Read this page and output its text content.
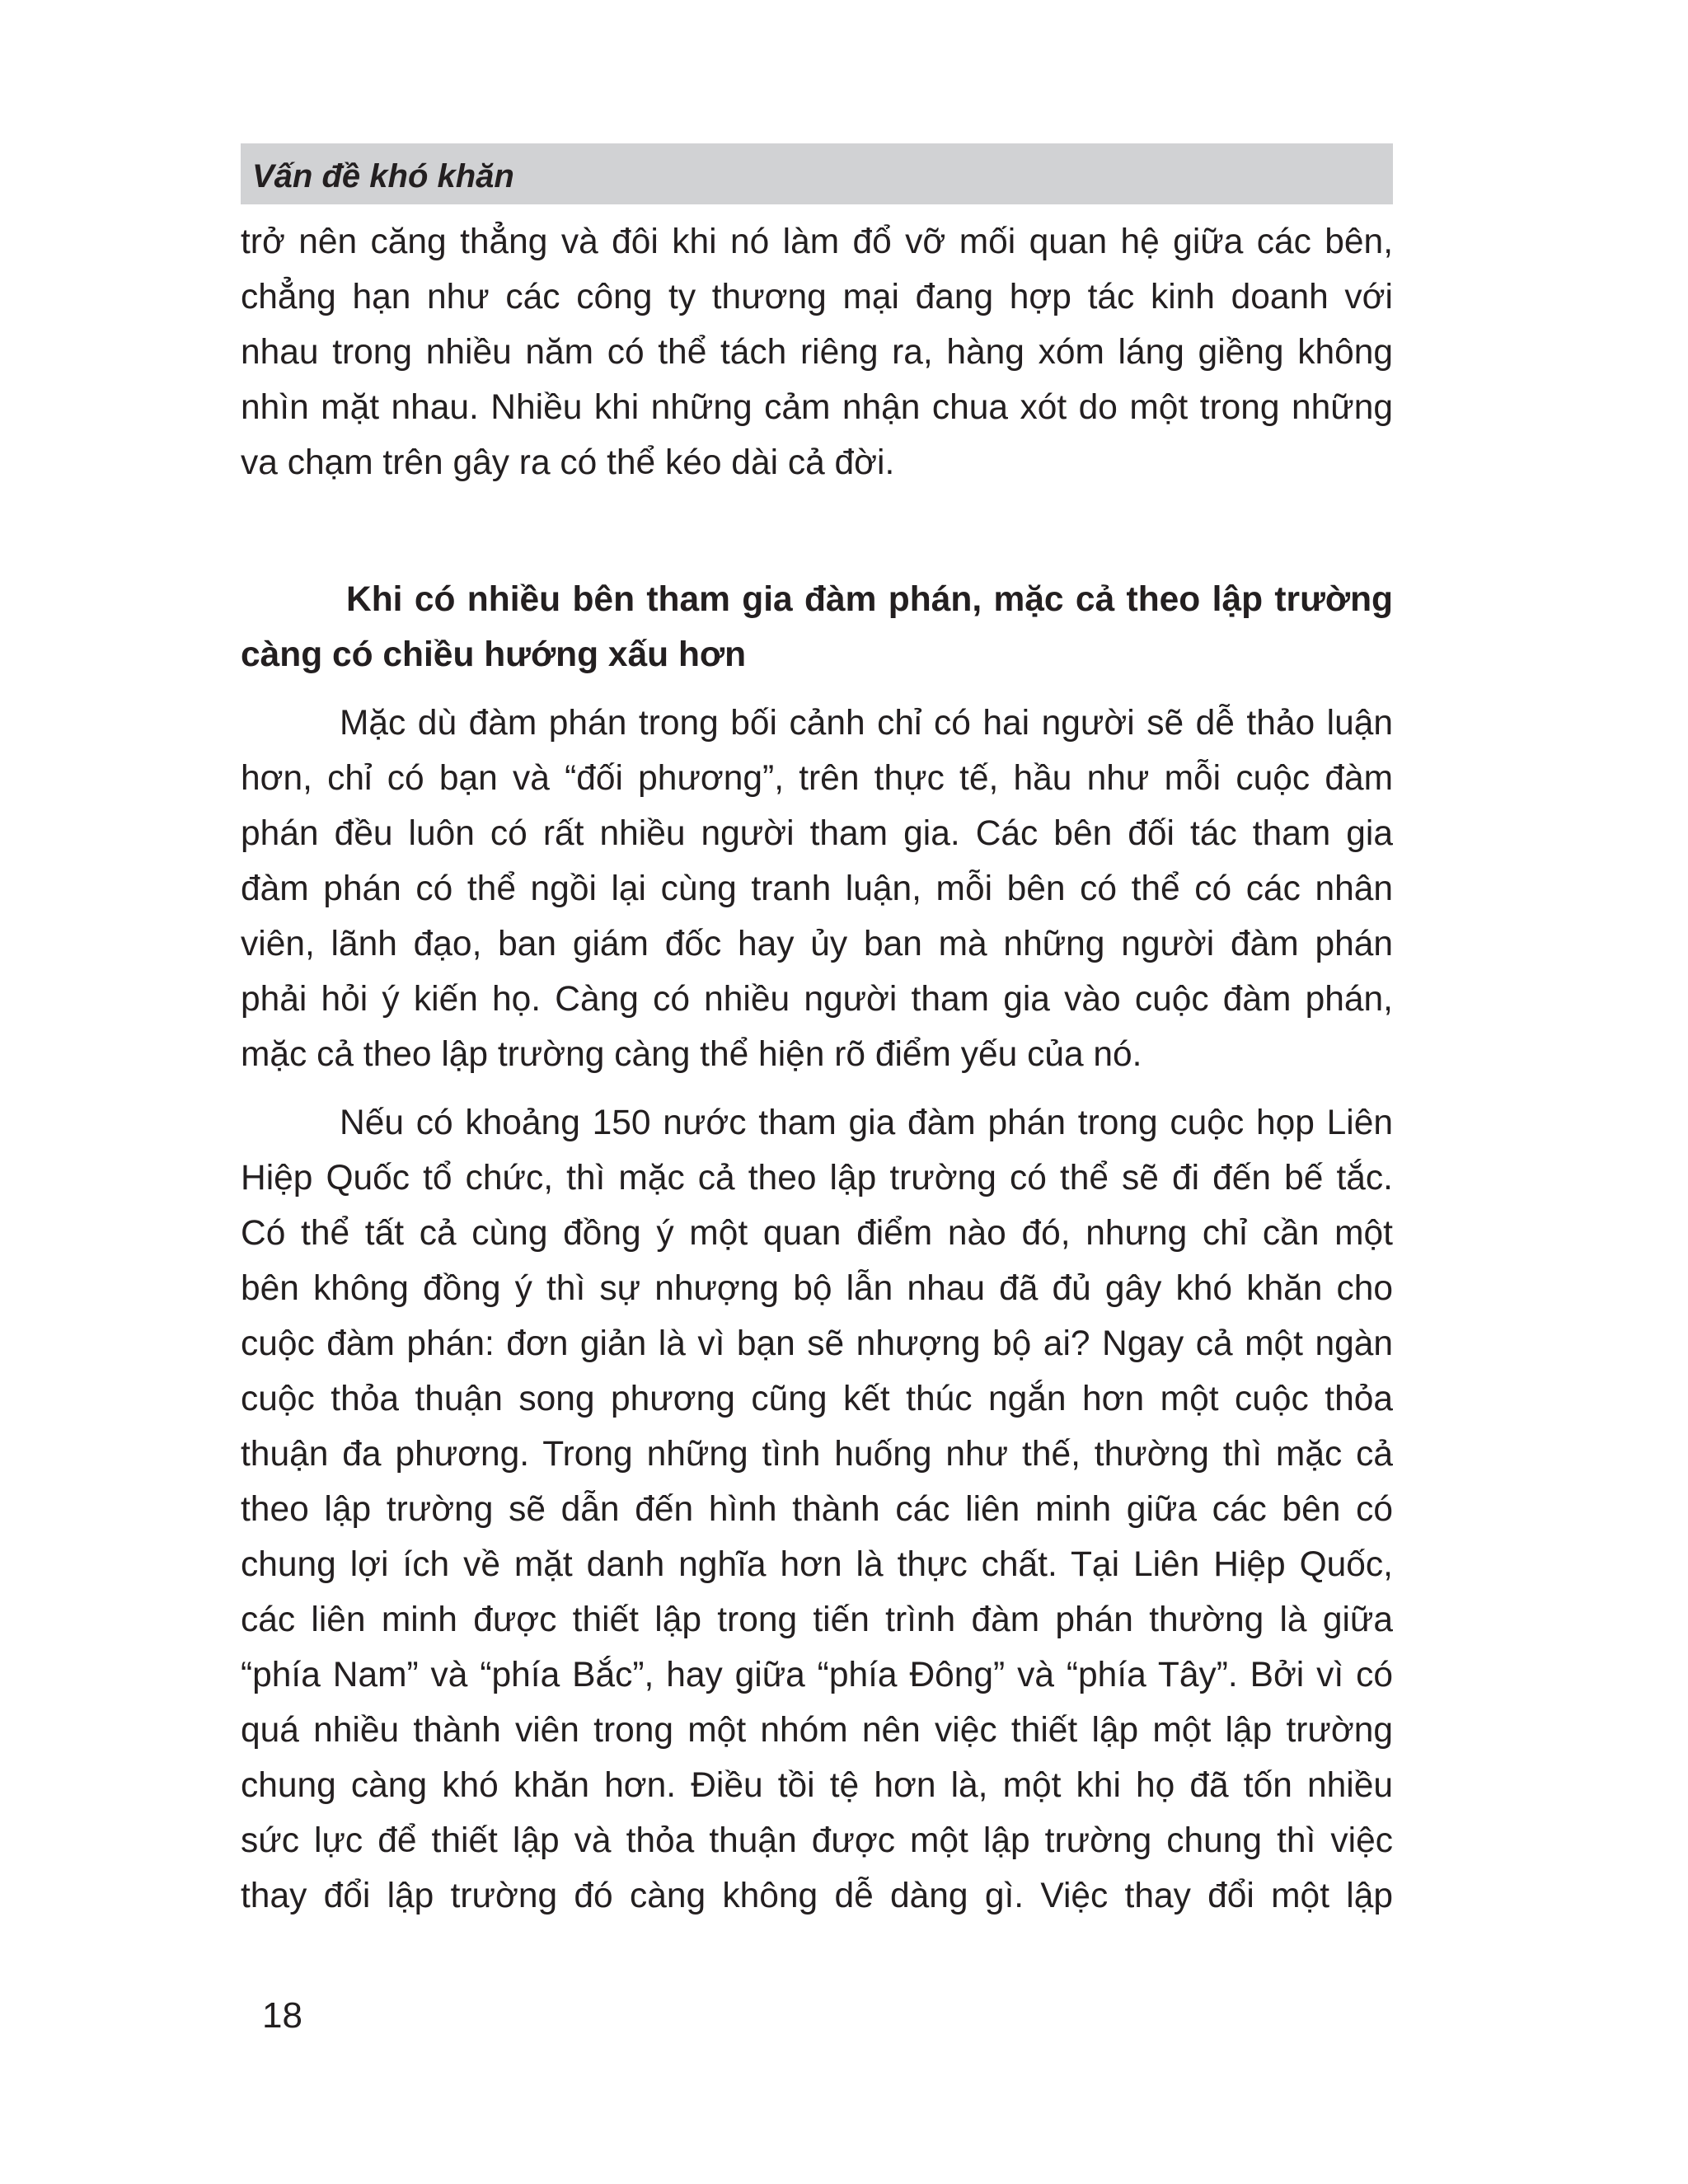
Vấn đề khó khăn

trở nên căng thẳng và đôi khi nó làm đổ vỡ mối quan hệ giữa các bên,
chẳng hạn như các công ty thương mại đang hợp tác kinh doanh với
nhau trong nhiều năm có thể tách riêng ra, hàng xóm láng giềng không
nhìn mặt nhau. Nhiều khi những cảm nhận chua xót do một trong những
va chạm trên gây ra có thể kéo dài cả đời.

Khi có nhiều bên tham gia đàm phán, mặc cả theo lập trường
càng có chiều hướng xấu hơn

Mặc dù đàm phán trong bối cảnh chỉ có hai người sẽ dễ thảo luận
hơn, chỉ có bạn và “đối phương”, trên thực tế, hầu như mỗi cuộc đàm
phán đều luôn có rất nhiều người tham gia. Các bên đối tác tham gia
đàm phán có thể ngồi lại cùng tranh luận, mỗi bên có thể có các nhân
viên, lãnh đạo, ban giám đốc hay ủy ban mà những người đàm phán
phải hỏi ý kiến họ. Càng có nhiều người tham gia vào cuộc đàm phán,
mặc cả theo lập trường càng thể hiện rõ điểm yếu của nó.

Nếu có khoảng 150 nước tham gia đàm phán trong cuộc họp Liên
Hiệp Quốc tổ chức, thì mặc cả theo lập trường có thể sẽ đi đến bế tắc.
Có thể tất cả cùng đồng ý một quan điểm nào đó, nhưng chỉ cần một
bên không đồng ý thì sự nhượng bộ lẫn nhau đã đủ gây khó khăn cho
cuộc đàm phán: đơn giản là vì bạn sẽ nhượng bộ ai? Ngay cả một ngàn
cuộc thỏa thuận song phương cũng kết thúc ngắn hơn một cuộc thỏa
thuận đa phương. Trong những tình huống như thế, thường thì mặc cả
theo lập trường sẽ dẫn đến hình thành các liên minh giữa các bên có
chung lợi ích về mặt danh nghĩa hơn là thực chất. Tại Liên Hiệp Quốc,
các liên minh được thiết lập trong tiến trình đàm phán thường là giữa
“phía Nam” và “phía Bắc”, hay giữa “phía Đông” và “phía Tây”. Bởi vì có
quá nhiều thành viên trong một nhóm nên việc thiết lập một lập trường
chung càng khó khăn hơn. Điều tồi tệ hơn là, một khi họ đã tốn nhiều
sức lực để thiết lập và thỏa thuận được một lập trường chung thì việc
thay đổi lập trường đó càng không dễ dàng gì. Việc thay đổi một lập

18
